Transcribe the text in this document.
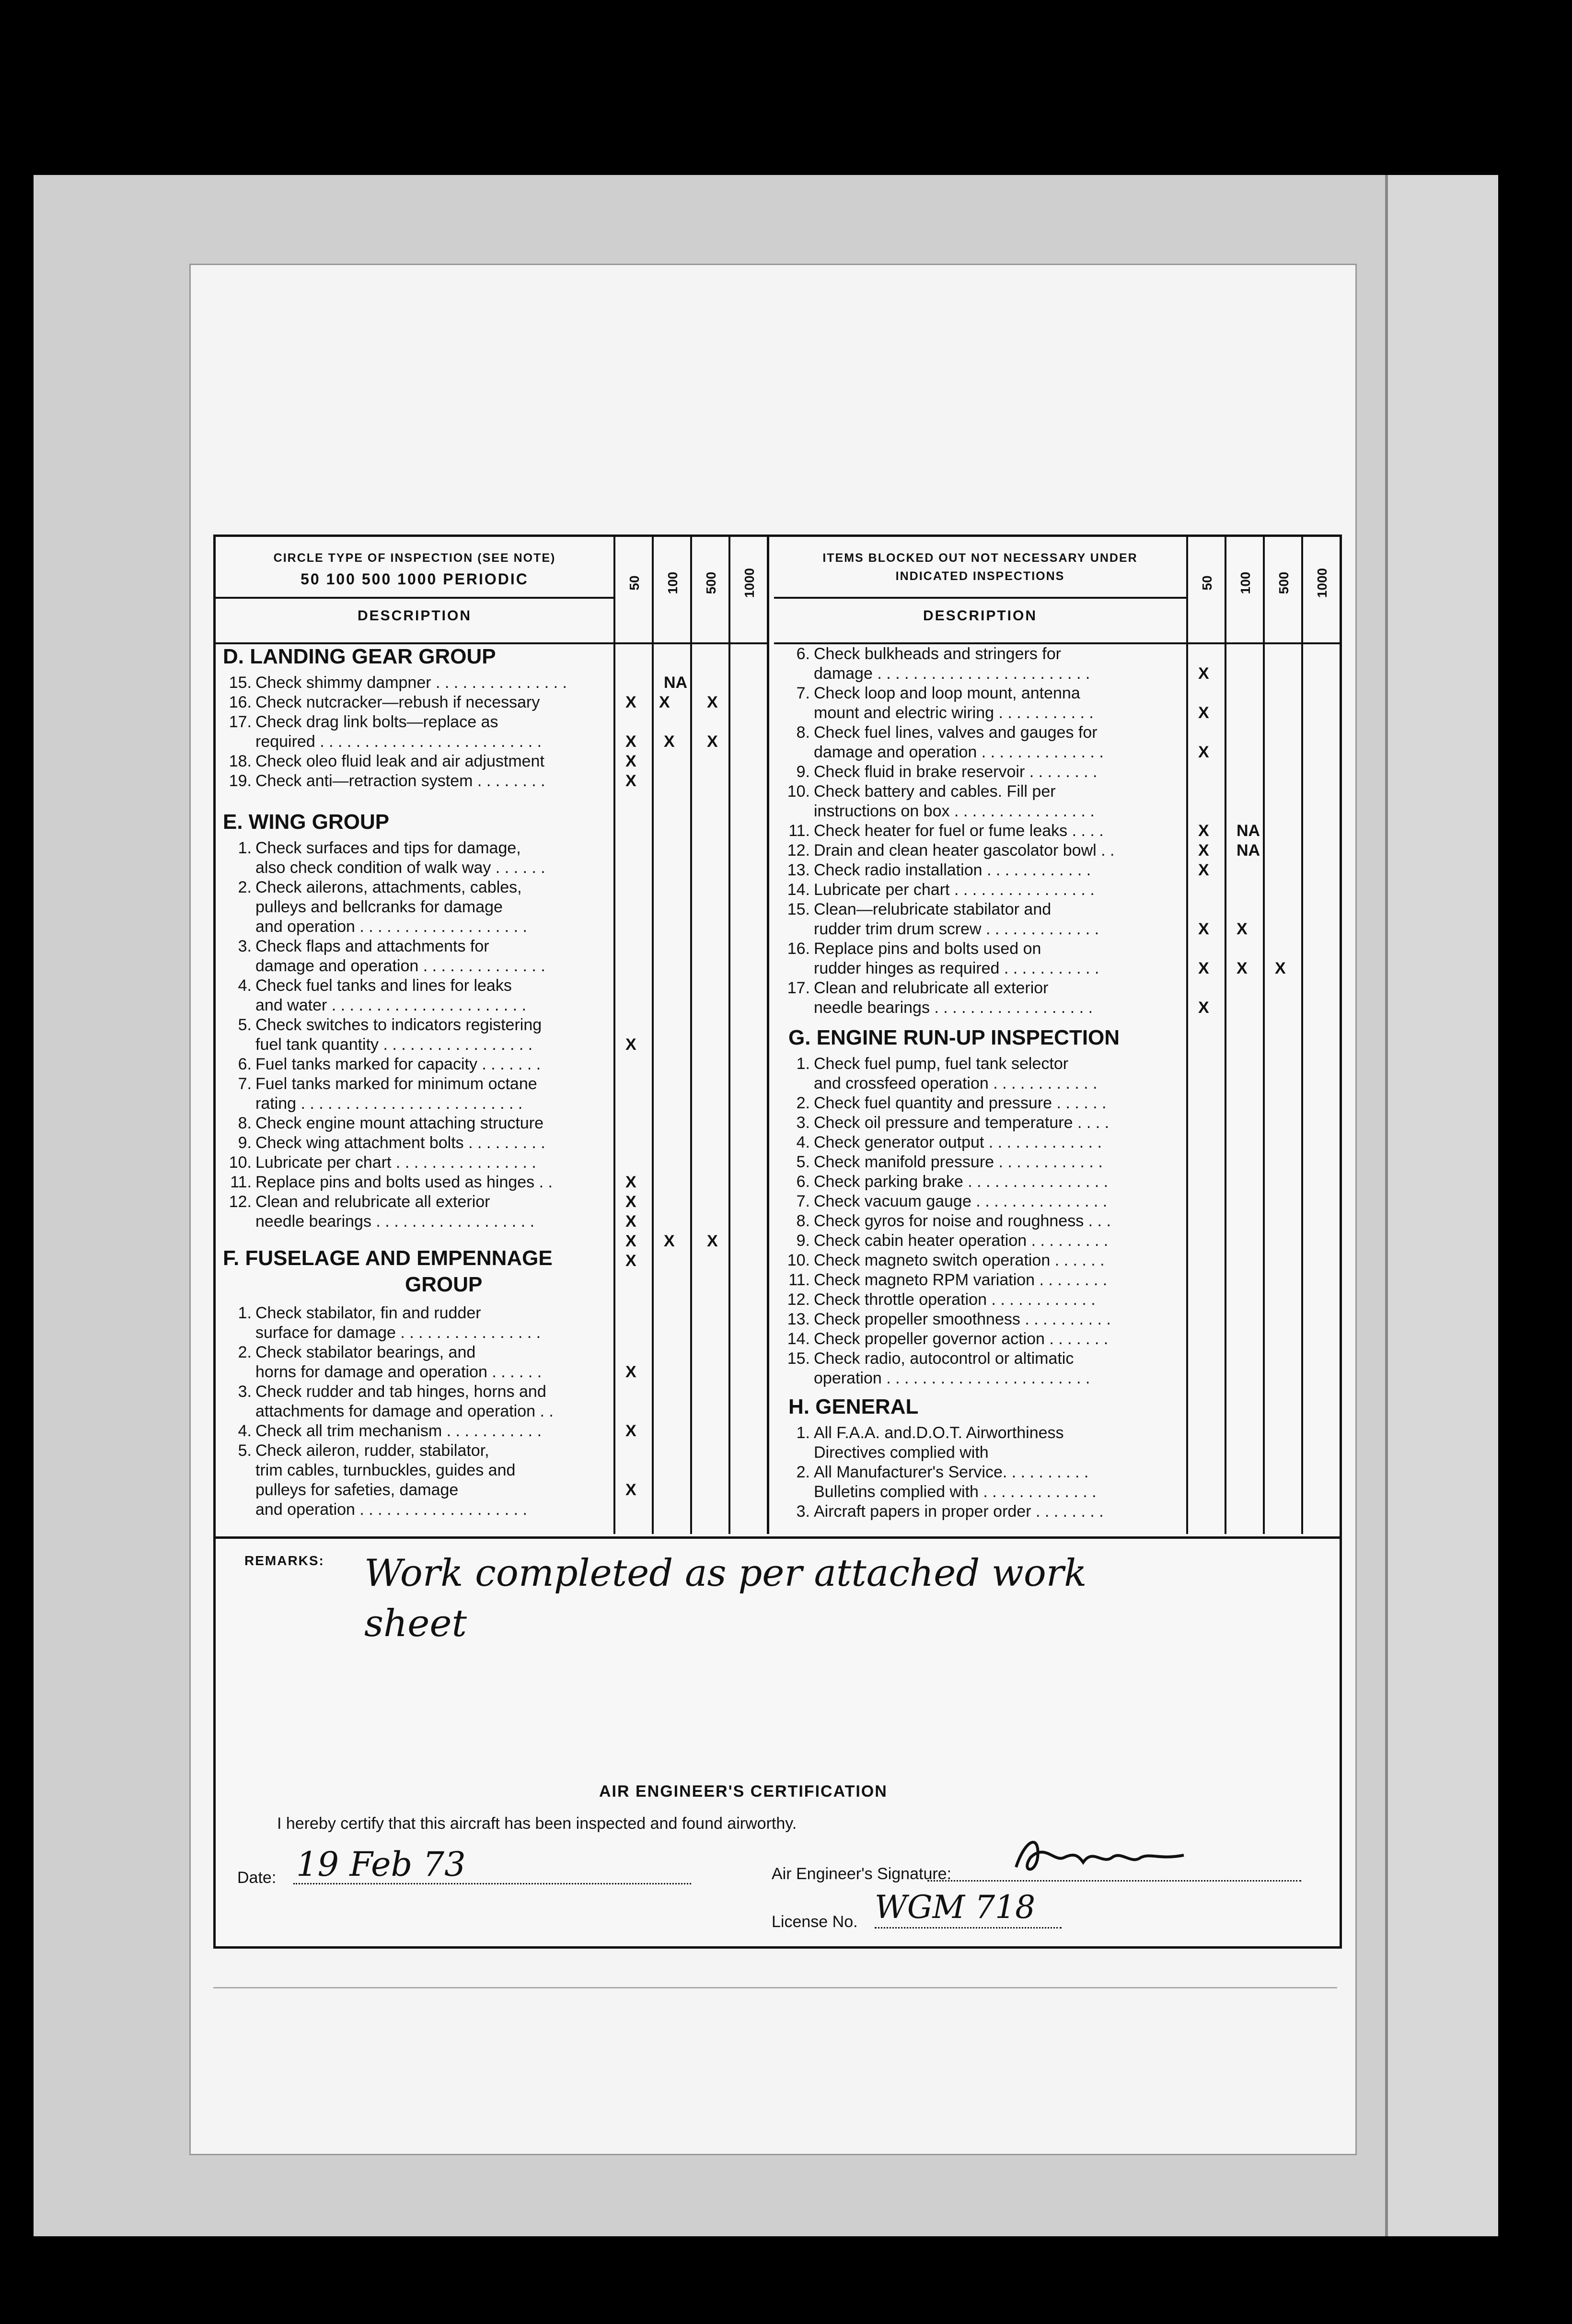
CIRCLE TYPE OF INSPECTION (SEE NOTE)
50 100 500 1000 PERIODIC
DESCRIPTION
50 100 500 1000
D. LANDING GEAR GROUP
15. Check shimmy dampner . . . . . . . . . . . . . . .
16. Check nutcracker—rebush if necessary
17. Check drag link bolts—replace as
required . . . . . . . . . . . . . . . . . . . . . . . . .
18. Check oleo fluid leak and air adjustment
19. Check anti—retraction system . . . . . . . .
E. WING GROUP
1. Check surfaces and tips for damage,
also check condition of walk way . . . . . .
2. Check ailerons, attachments, cables,
pulleys and bellcranks for damage
and operation . . . . . . . . . . . . . . . . . . .
3. Check flaps and attachments for
damage and operation . . . . . . . . . . . . . .
4. Check fuel tanks and lines for leaks
and water . . . . . . . . . . . . . . . . . . . . . .
5. Check switches to indicators registering
fuel tank quantity . . . . . . . . . . . . . . . . .
6. Fuel tanks marked for capacity . . . . . . .
7. Fuel tanks marked for minimum octane
rating . . . . . . . . . . . . . . . . . . . . . . . . .
8. Check engine mount attaching structure
9. Check wing attachment bolts . . . . . . . . .
10. Lubricate per chart . . . . . . . . . . . . . . . .
11. Replace pins and bolts used as hinges . .
12. Clean and relubricate all exterior
needle bearings . . . . . . . . . . . . . . . . . .
F. FUSELAGE AND EMPENNAGE
GROUP
1. Check stabilator, fin and rudder
surface for damage . . . . . . . . . . . . . . . .
2. Check stabilator bearings, and
horns for damage and operation . . . . . .
3. Check rudder and tab hinges, horns and
attachments for damage and operation . .
4. Check all trim mechanism . . . . . . . . . . .
5. Check aileron, rudder, stabilator,
trim cables, turnbuckles, guides and
pulleys for safeties, damage
and operation . . . . . . . . . . . . . . . . . . .
NA
X
X	X
X X X
X
X
X
X
X
X
X X X
X
X
X
X
ITEMS BLOCKED OUT NOT NECESSARY UNDER
INDICATED INSPECTIONS
DESCRIPTION
50 100 500 1000
6. Check bulkheads and stringers for
damage . . . . . . . . . . . . . . . . . . . . . . . .
7. Check loop and loop mount, antenna
mount and electric wiring . . . . . . . . . . .
8. Check fuel lines, valves and gauges for
damage and operation . . . . . . . . . . . . . .
9. Check fluid in brake reservoir . . . . . . . .
10. Check battery and cables. Fill per
instructions on box . . . . . . . . . . . . . . . .
11. Check heater for fuel or fume leaks . . . .
12. Drain and clean heater gascolator bowl . .
13. Check radio installation . . . . . . . . . . . .
14. Lubricate per chart . . . . . . . . . . . . . . . .
15. Clean—relubricate stabilator and
rudder trim drum screw . . . . . . . . . . . . .
16. Replace pins and bolts used on
rudder hinges as required . . . . . . . . . . .
17. Clean and relubricate all exterior
needle bearings . . . . . . . . . . . . . . . . . .
G. ENGINE RUN-UP INSPECTION
1. Check fuel pump, fuel tank selector
and crossfeed operation . . . . . . . . . . . .
2. Check fuel quantity and pressure . . . . . .
3. Check oil pressure and temperature . . . .
4. Check generator output . . . . . . . . . . . . .
5. Check manifold pressure . . . . . . . . . . . .
6. Check parking brake . . . . . . . . . . . . . . . .
7. Check vacuum gauge . . . . . . . . . . . . . . .
8. Check gyros for noise and roughness . . .
9. Check cabin heater operation . . . . . . . . .
10. Check magneto switch operation . . . . . .
11. Check magneto RPM variation . . . . . . . .
12. Check throttle operation . . . . . . . . . . . .
13. Check propeller smoothness . . . . . . . . . .
14. Check propeller governor action . . . . . . .
15. Check radio, autocontrol or altimatic
operation . . . . . . . . . . . . . . . . . . . . . . .
H. GENERAL
1. All F.A.A. and.D.O.T. Airworthiness
Directives complied with
2. All Manufacturer's Service. . . . . . . . . .
Bulletins complied with . . . . . . . . . . . . .
3. Aircraft papers in proper order . . . . . . . .
X
X
X
X
X
X NA
NA
X X
X X X
X
REMARKS: Work completed as per attached work sheet
AIR ENGINEER'S CERTIFICATION
I hereby certify that this aircraft has been inspected and found airworthy.
Date: 19 Feb 73	Air Engineer's Signature:
License No. WGM 718
